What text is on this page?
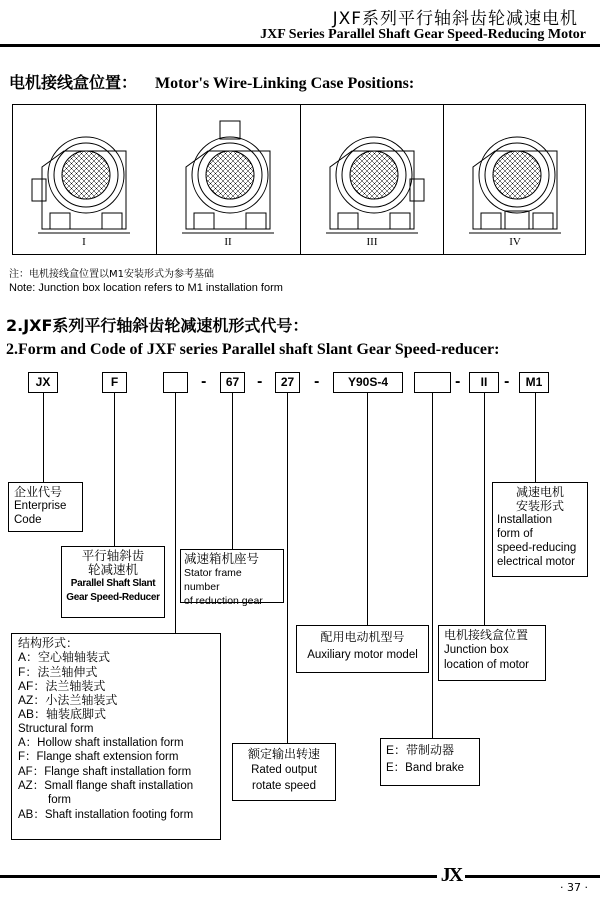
JXF系列平行轴斜齿轮减速电机
JXF Series Parallel Shaft Gear Speed-Reducing Motor
电机接线盒位置： Motor's Wire-Linking Case Positions:
I	II	III	IV
注：电机接线盒位置以M1安装形式为参考基础
Note: Junction box location refers to M1 installation form
2.JXF系列平行轴斜齿轮减速机形式代号：
2.Form and Code of JXF series Parallel shaft Slant Gear Speed-reducer:
JX	F	-	67	-	27	-	Y90S-4	-	II	-	M1
企业代号
Enterprise
Code
平行轴斜齿
轮减速机
Parallel Shaft Slant
Gear Speed-Reducer
减速箱机座号
Stator frame number
of reduction gear
减速电机
安装形式
Installation
form of
speed-reducing
electrical motor
结构形式：
A：空心轴轴装式
F：法兰轴伸式
AF：法兰轴装式
AZ：小法兰轴装式
AB：轴装底脚式
Structural form
A：Hollow shaft installation form
F：Flange shaft extension form
AF：Flange shaft installation form
AZ：Small flange shaft installation
form
AB：Shaft installation footing form
配用电动机型号
Auxiliary motor model
电机接线盒位置
Junction box
location of motor
额定输出转速
Rated output
rotate speed
E：带制动器
E：Band brake
JX
· 37 ·
